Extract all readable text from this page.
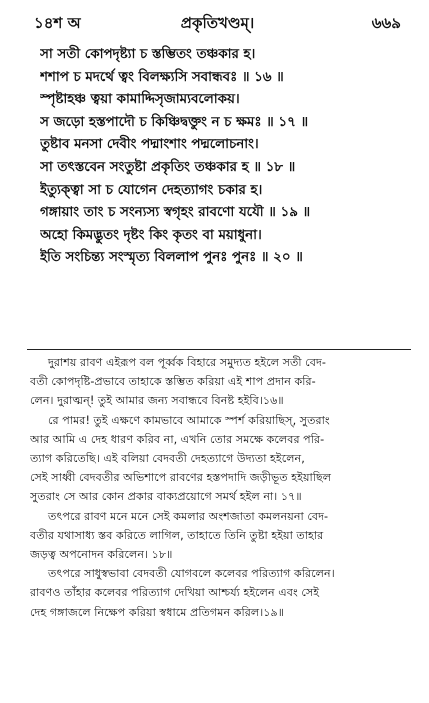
১৪শ অ	প্রকৃতিখণ্ডম্।	৬৬৯
সা সতী কোপদৃষ্ট্যা চ স্তম্ভিতং তঞ্চকার হ।
শশাপ চ মদর্থে ত্বং বিলক্ষ্যসি সবান্ধবঃ ॥ ১৬ ॥
স্পৃষ্টাহঞ্চ ত্বয়া কামাদ্দিসৃজাম্যবলোকয়।
স জড়ো হস্তপাদৌ চ কিঞ্চিদ্বক্তুং ন চ ক্ষমঃ ॥ ১৭ ॥
তুষ্টাব মনসা দেবীং পদ্মাংশাং পদ্মলোচনাং।
সা তৎস্তবেন সংতুষ্টা প্রকৃতিং তঞ্চকার হ ॥ ১৮ ॥
ইত্যুক্ত্বা সা চ যোগেন দেহত্যাগং চকার হ।
গঙ্গায়াং তাং চ সংন্যস্য স্বগৃহং রাবণো যযৌ ॥ ১৯ ॥
অহো কিমদ্ভুতং দৃষ্টং কিং কৃতং বা ময়াধুনা।
ইতি সংচিন্ত্য সংস্মৃত্য বিললাপ পুনঃ পুনঃ ॥ ২০ ॥
দুরাশয় রাবণ এইরূপ বল পূর্ব্বক বিহারে সমুদ্যত হইলে সতী বেদ-
বতী কোপদৃষ্টি-প্রভাবে তাহাকে স্তম্ভিত করিয়া এই শাপ প্রদান করি-
লেন। দুরাত্মন্! তুই আমার জন্য সবান্ধবে বিনষ্ট হইবি।১৬॥
রে পামর! তুই এক্ষণে কামভাবে আমাকে স্পর্শ করিয়াছিস্, সুতরাং
আর আমি এ দেহ ধারণ করিব না, এখনি তোর সমক্ষে কলেবর পরি-
ত্যাগ করিতেছি। এই বলিয়া বেদবতী দেহত্যাগে উদ্যতা হইলেন,
সেই সাধ্বী বেদবতীর অভিশাপে রাবণের হস্তপদাদি জড়ীভূত হইয়াছিল
সুতরাং সে আর কোন প্রকার বাক্যপ্রয়োগে সমর্থ হইল না। ১৭॥
তৎপরে রাবণ মনে মনে সেই কমলার অংশজাতা কমলনয়না বেদ-
বতীর যথাসাধ্য স্তব করিতে লাগিল, তাহাতে তিনি তুষ্টা হইয়া তাহার
জড়ত্ব অপনোদন করিলেন। ১৮॥
তৎপরে সাধুস্বভাবা বেদবতী যোগবলে কলেবর পরিত্যাগ করিলেন।
রাবণও তাঁহার কলেবর পরিত্যাগ দেখিয়া আশ্চর্য্য হইলেন এবং সেই
দেহ গঙ্গাজলে নিক্ষেপ করিয়া স্বধামে প্রতিগমন করিল।১৯॥
